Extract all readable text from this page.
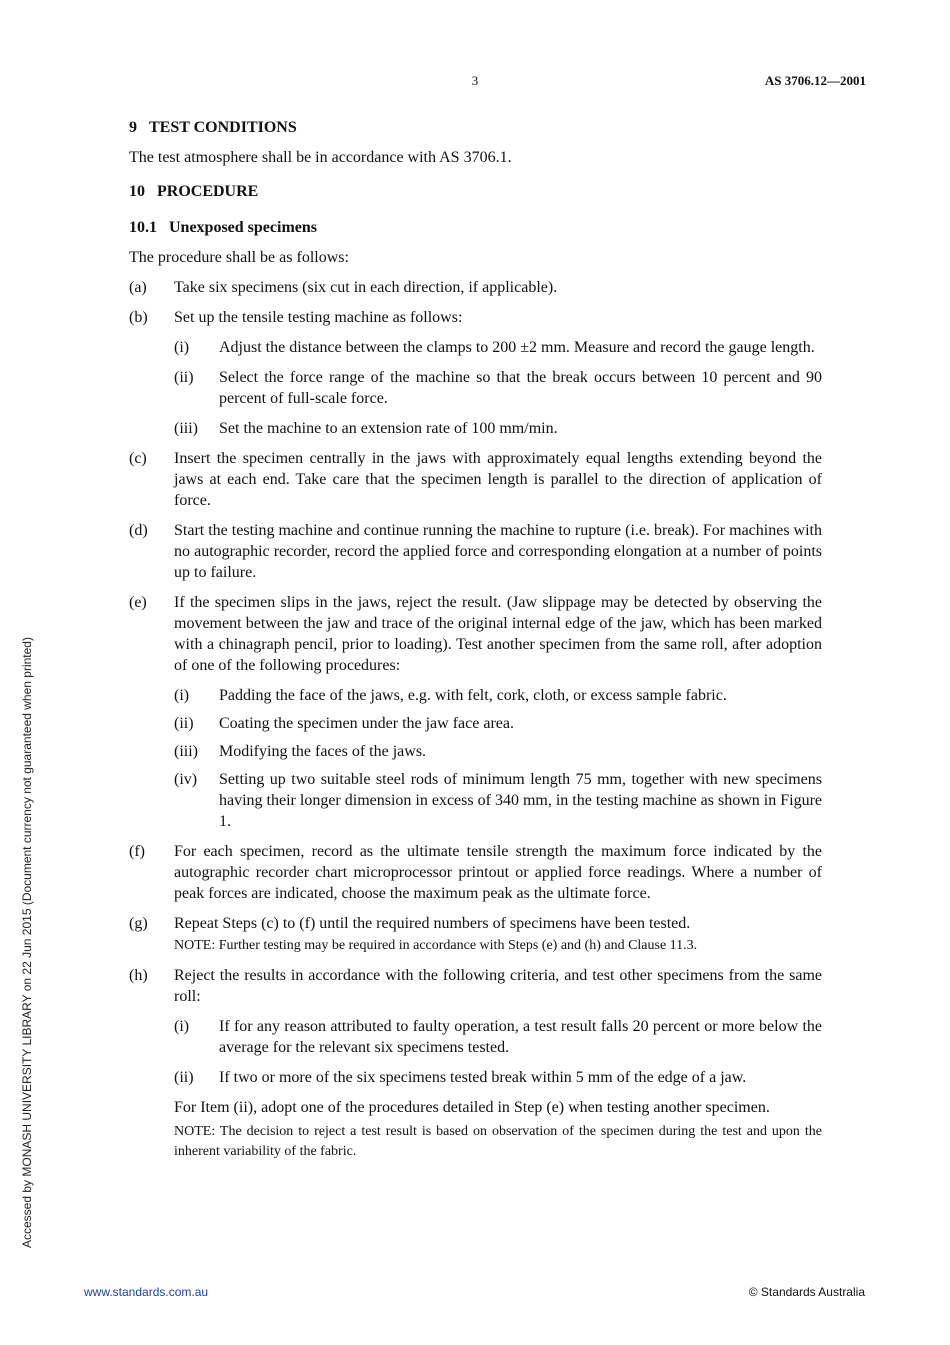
3	AS 3706.12—2001
Accessed by MONASH UNIVERSITY LIBRARY on 22 Jun 2015 (Document currency not guaranteed when printed)
9   TEST CONDITIONS

The test atmosphere shall be in accordance with AS 3706.1.

10   PROCEDURE
10.1   Unexposed specimens

The procedure shall be as follows:

(a)	Take six specimens (six cut in each direction, if applicable).
(b)	Set up the tensile testing machine as follows:
(i)	Adjust the distance between the clamps to 200 ±2 mm. Measure and record the gauge length.
(ii)	Select the force range of the machine so that the break occurs between 10 percent and 90 percent of full-scale force.
(iii)	Set the machine to an extension rate of 100 mm/min.
(c)	Insert the specimen centrally in the jaws with approximately equal lengths extending beyond the jaws at each end. Take care that the specimen length is parallel to the direction of application of force.
(d)	Start the testing machine and continue running the machine to rupture (i.e. break). For machines with no autographic recorder, record the applied force and corresponding elongation at a number of points up to failure.
(e)	If the specimen slips in the jaws, reject the result. (Jaw slippage may be detected by observing the movement between the jaw and trace of the original internal edge of the jaw, which has been marked with a chinagraph pencil, prior to loading). Test another specimen from the same roll, after adoption of one of the following procedures:
(i)	Padding the face of the jaws, e.g. with felt, cork, cloth, or excess sample fabric.
(ii)	Coating the specimen under the jaw face area.
(iii)	Modifying the faces of the jaws.
(iv)	Setting up two suitable steel rods of minimum length 75 mm, together with new specimens having their longer dimension in excess of 340 mm, in the testing machine as shown in Figure 1.
(f)	For each specimen, record as the ultimate tensile strength the maximum force indicated by the autographic recorder chart microprocessor printout or applied force readings. Where a number of peak forces are indicated, choose the maximum peak as the ultimate force.
(g)	Repeat Steps (c) to (f) until the required numbers of specimens have been tested.
NOTE: Further testing may be required in accordance with Steps (e) and (h) and Clause 11.3.
(h)	Reject the results in accordance with the following criteria, and test other specimens from the same roll:
(i)	If for any reason attributed to faulty operation, a test result falls 20 percent or more below the average for the relevant six specimens tested.
(ii)	If two or more of the six specimens tested break within 5 mm of the edge of a jaw.

For Item (ii), adopt one of the procedures detailed in Step (e) when testing another specimen.

NOTE: The decision to reject a test result is based on observation of the specimen during the test and upon the inherent variability of the fabric.
www.standards.com.au	© Standards Australia
